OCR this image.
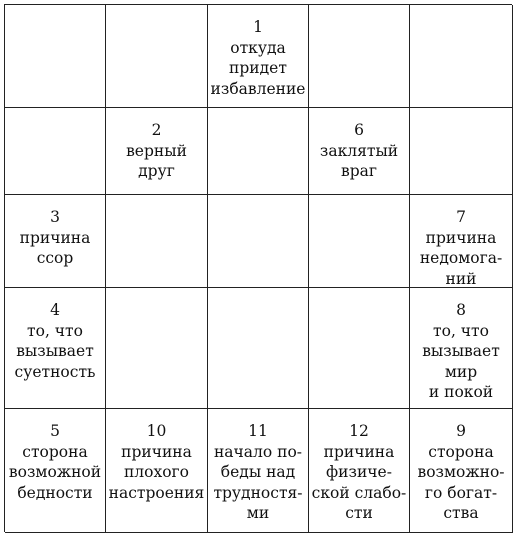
1
откуда
придет
избавление
2
верный
друг
6
заклятый
враг
3
причина
ссор
7
причина
недомога-
ний
4
то, что
вызывает
суетность
8
то, что
вызывает
мир
и покой
5
сторона
возможной
бедности
10
причина
плохого
настроения
11
начало по-
беды над
трудностя-
ми
12
причина
физиче-
ской слабо-
сти
9
сторона
возможно-
го богат-
ства
